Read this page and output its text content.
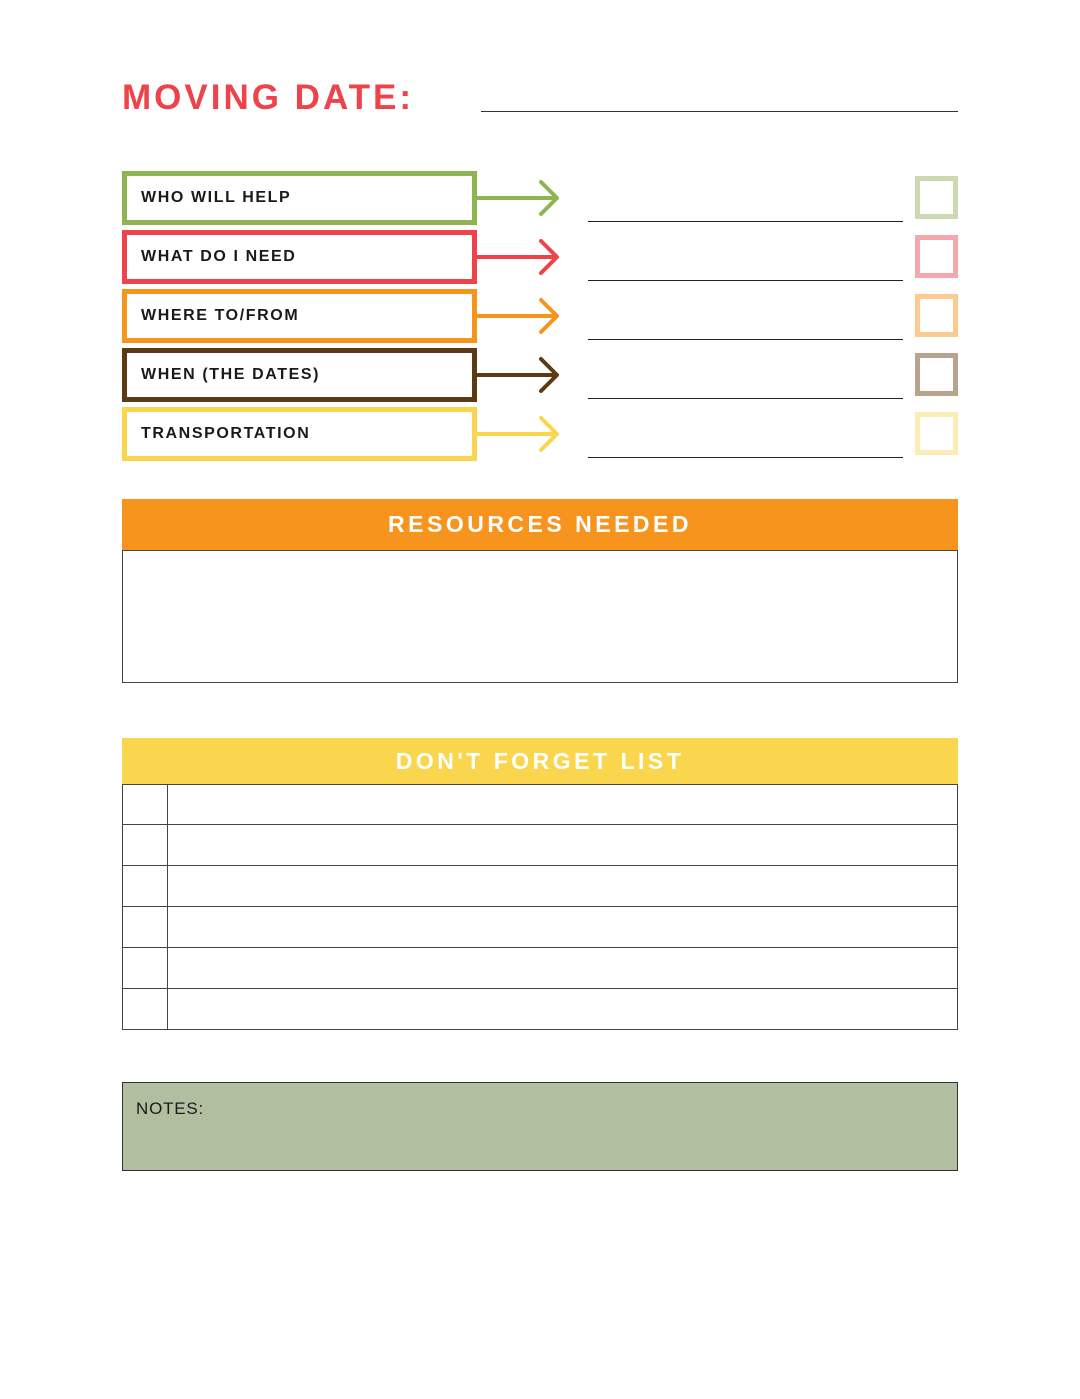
MOVING DATE:
WHO WILL HELP
WHAT DO I NEED
WHERE TO/FROM
WHEN (THE DATES)
TRANSPORTATION
RESOURCES NEEDED
DON'T FORGET LIST
NOTES:
